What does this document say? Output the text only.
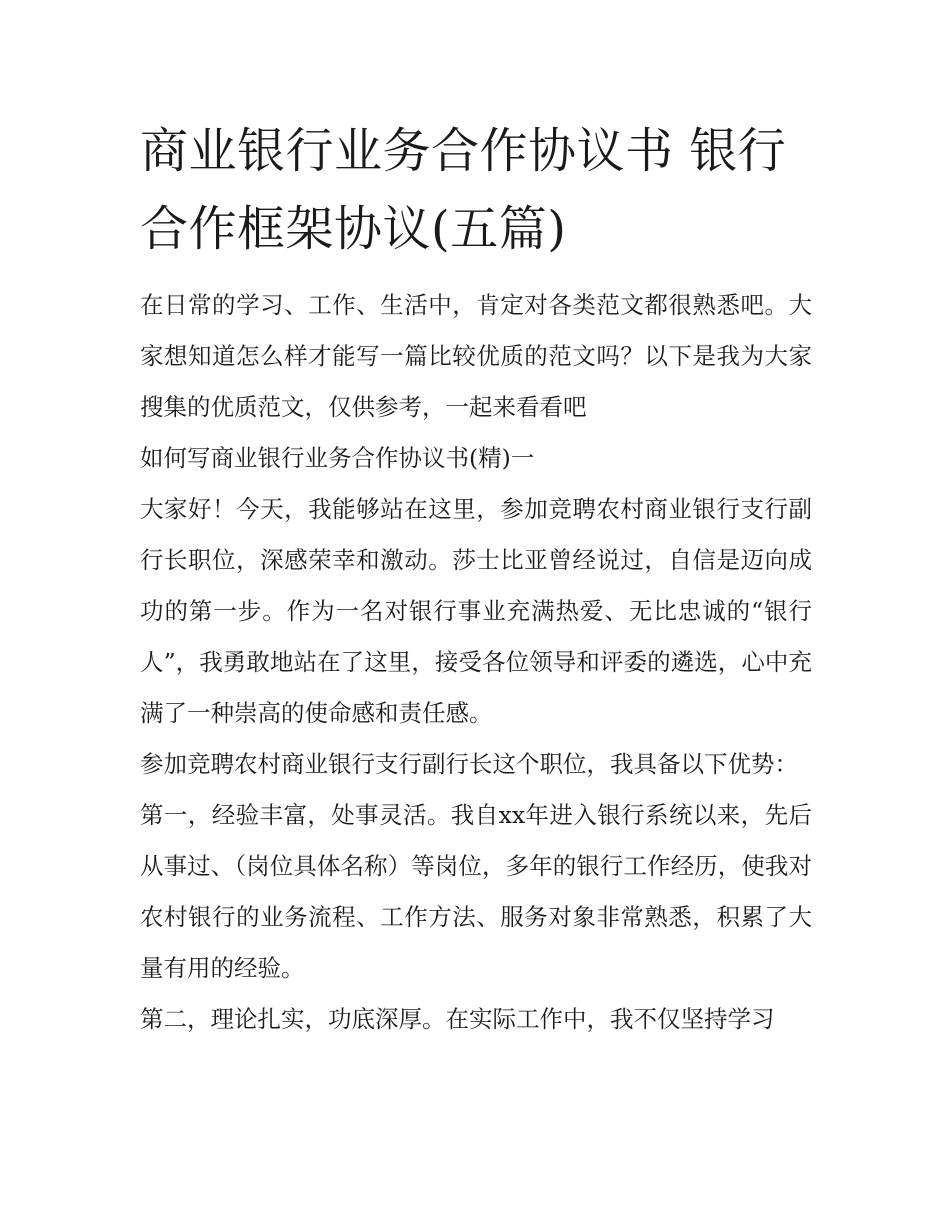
商业银行业务合作协议书 银行合作框架协议(五篇)

在日常的学习、工作、生活中，肯定对各类范文都很熟悉吧。大家想知道怎么样才能写一篇比较优质的范文吗？以下是我为大家搜集的优质范文，仅供参考，一起来看看吧

如何写商业银行业务合作协议书(精)一

大家好！今天，我能够站在这里，参加竞聘农村商业银行支行副行长职位，深感荣幸和激动。莎士比亚曾经说过，自信是迈向成功的第一步。作为一名对银行事业充满热爱、无比忠诚的“银行人”，我勇敢地站在了这里，接受各位领导和评委的遴选，心中充满了一种崇高的使命感和责任感。

参加竞聘农村商业银行支行副行长这个职位，我具备以下优势：

第一，经验丰富，处事灵活。我自xx年进入银行系统以来，先后从事过、（岗位具体名称）等岗位，多年的银行工作经历，使我对农村银行的业务流程、工作方法、服务对象非常熟悉，积累了大量有用的经验。

第二，理论扎实，功底深厚。在实际工作中，我不仅坚持学习
